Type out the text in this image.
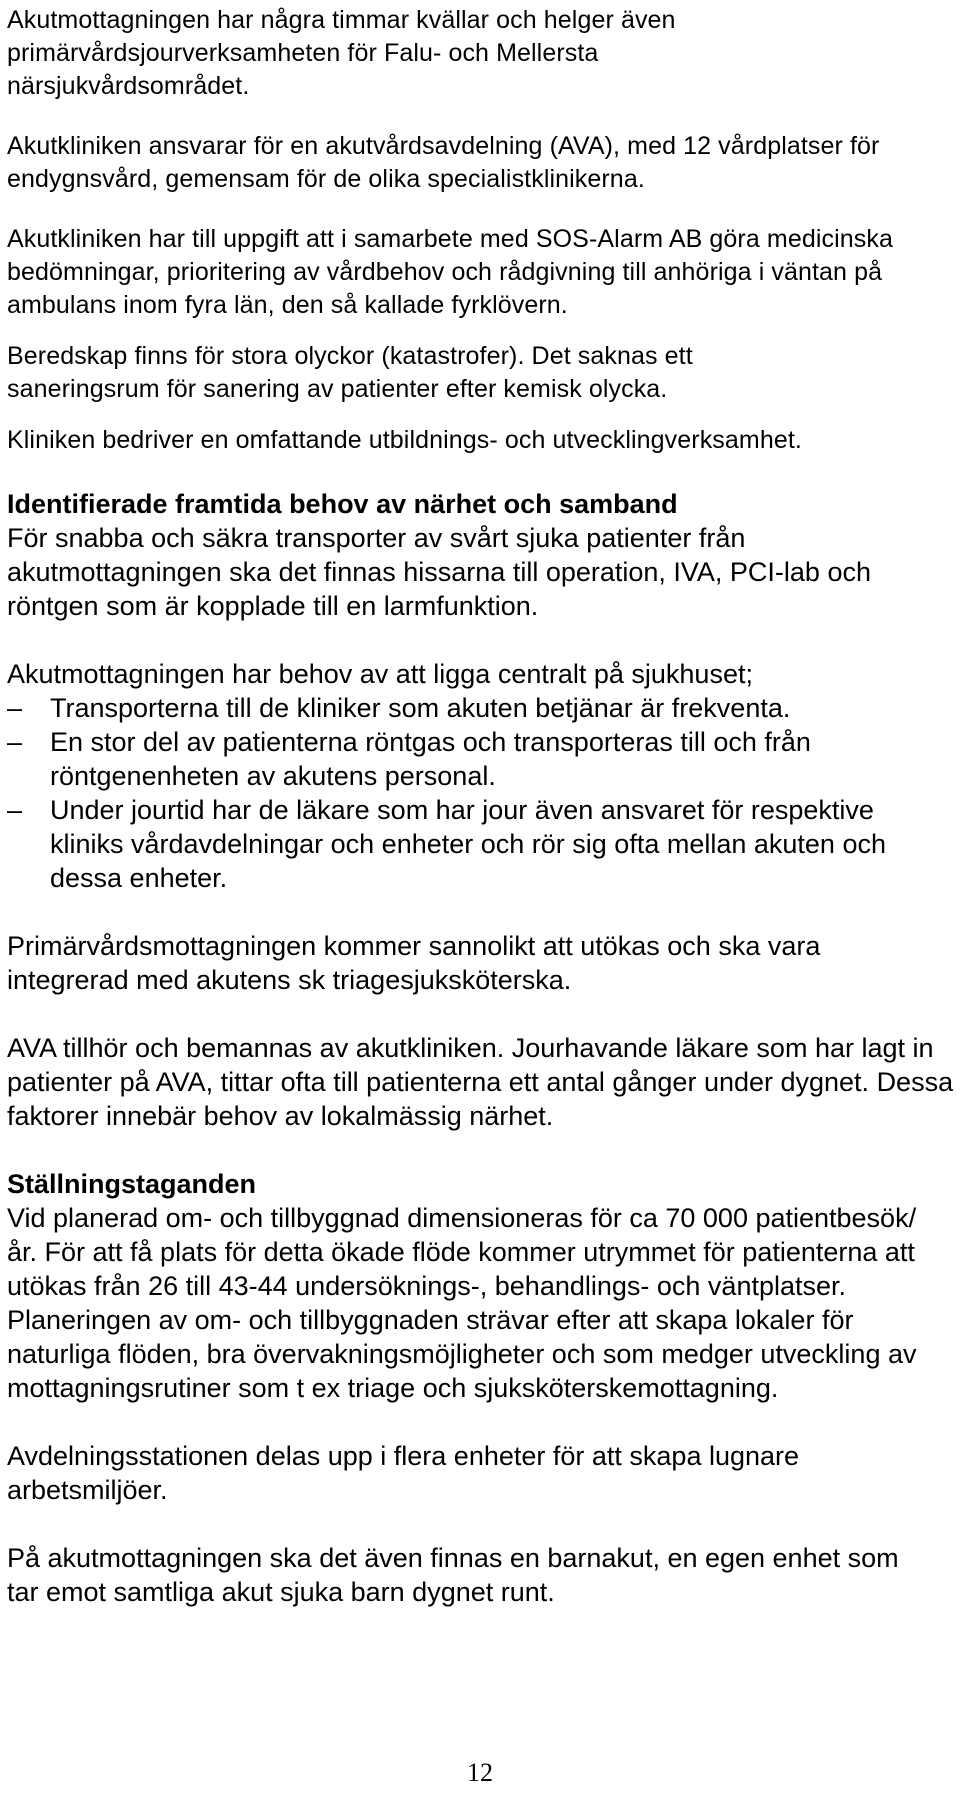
Akutmottagningen har några timmar kvällar och helger även primärvårdsjourverksamheten för Falu- och Mellersta närsjukvårdsområdet.

Akutkliniken ansvarar för en akutvårdsavdelning (AVA), med 12 vårdplatser för endygnsvård, gemensam för de olika specialistklinikerna.

Akutkliniken har till uppgift att i samarbete med SOS-Alarm AB göra medicinska bedömningar, prioritering av vårdbehov och rådgivning till anhöriga i väntan på ambulans inom fyra län, den så kallade fyrklövern.

Beredskap finns för stora olyckor (katastrofer). Det saknas ett saneringsrum för sanering av patienter efter kemisk olycka.

Kliniken bedriver en omfattande utbildnings- och utvecklingverksamhet.

Identifierade framtida behov av närhet och samband

För snabba och säkra transporter av svårt sjuka patienter från akutmottagningen ska det finnas hissarna till operation, IVA, PCI-lab och röntgen som är kopplade till en larmfunktion.

Akutmottagningen har behov av att ligga centralt på sjukhuset;

–	Transporterna till de kliniker som akuten betjänar är frekventa.
–	En stor del av patienterna röntgas och transporteras till och från röntgenenheten av akutens personal.
–	Under jourtid har de läkare som har jour även ansvaret för respektive kliniks vårdavdelningar och enheter och rör sig ofta mellan akuten och dessa enheter.

Primärvårdsmottagningen kommer sannolikt att utökas och ska vara integrerad med akutens sk triagesjuksköterska.

AVA tillhör och bemannas av akutkliniken. Jourhavande läkare som har lagt in patienter på AVA, tittar ofta till patienterna ett antal gånger under dygnet. Dessa faktorer innebär behov av lokalmässig närhet.

Ställningstaganden

Vid planerad om- och tillbyggnad dimensioneras för ca 70 000 patientbesök/år. För att få plats för detta ökade flöde kommer utrymmet för patienterna att utökas från 26 till 43-44 undersöknings-, behandlings- och väntplatser.

Planeringen av om- och tillbyggnaden strävar efter att skapa lokaler för naturliga flöden, bra övervakningsmöjligheter och som medger utveckling av mottagningsrutiner som t ex triage och sjuksköterskemottagning.

Avdelningsstationen delas upp i flera enheter för att skapa lugnare arbetsmiljöer.

På akutmottagningen ska det även finnas en barnakut, en egen enhet som tar emot samtliga akut sjuka barn dygnet runt.

12
